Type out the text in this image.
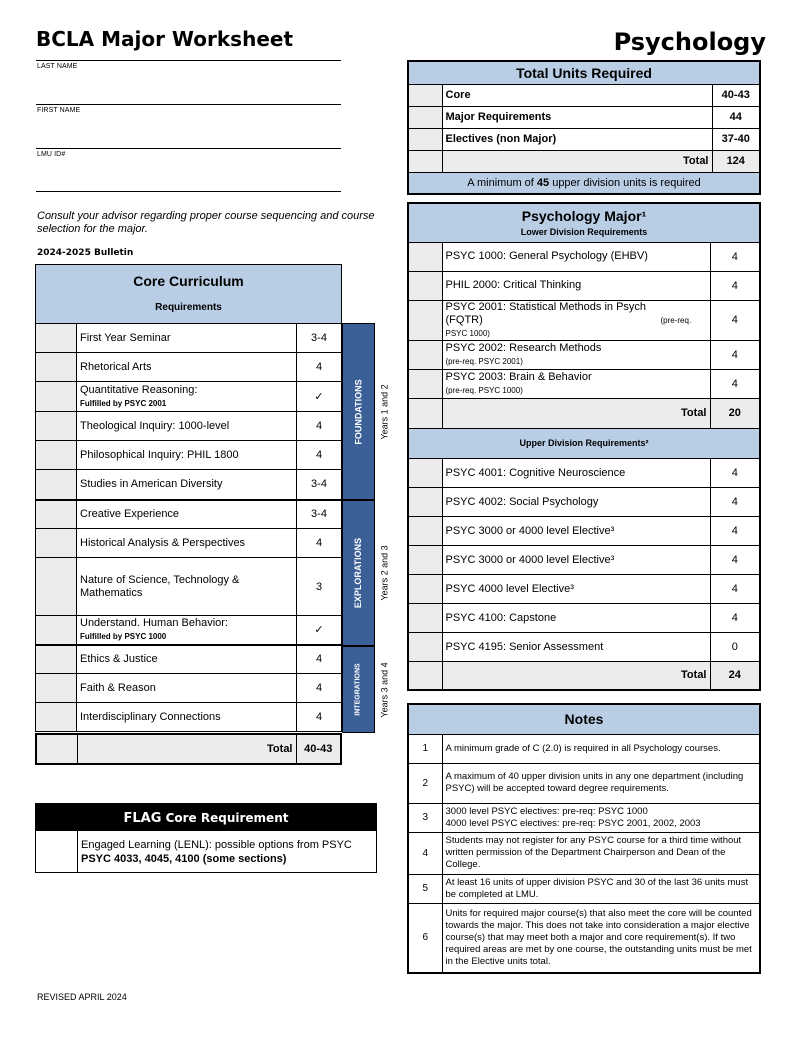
BCLA Major Worksheet	Psychology
LAST NAME
FIRST NAME
LMU ID#
Consult your advisor regarding proper course sequencing and course selection for the major.
2024-2025 Bulletin
Core Curriculum
Requirements

	First Year Seminar	3-4

	Rhetorical Arts	4

	Quantitative Reasoning:
Fulfilled by PSYC 2001	✓

	Theological Inquiry: 1000-level	4

	Philosophical Inquiry: PHIL 1800	4

	Studies in American Diversity	3-4

	Creative Experience	3-4

	Historical Analysis & Perspectives	4

	Nature of Science, Technology & Mathematics	3

	Understand. Human Behavior:
Fulfilled by PSYC 1000	✓

	Ethics & Justice	4

	Faith & Reason	4

	Interdisciplinary Connections	4
	Total	40-43
FOUNDATIONS
EXPLORATIONS
INTEGRATIONS
Years 1 and 2
Years 2 and 3
Years 3 and 4
FLAG Core Requirement
Engaged Learning (LENL): possible options from PSYC
PSYC 4033, 4045, 4100 (some sections)
Total Units Required		
	Core	40-43
	Major Requirements	44
	Electives (non Major)	37-40
	Total	124
A minimum of 45 upper division units is required		
Psychology Major¹
Lower Division Requirements		

	PSYC 1000: General Psychology (EHBV)	4
	PHIL 2000: Critical Thinking	4
	PSYC 2001: Statistical Methods in Psych (FQTR) (pre-req. PSYC 1000)	4
	PSYC 2002: Research Methods
(pre-req. PSYC 2001)	4
	PSYC 2003: Brain & Behavior
(pre-req. PSYC 1000)	4
	Total	20
Upper Division Requirements²		
	PSYC 4001: Cognitive Neuroscience	4
	PSYC 4002: Social Psychology	4
	PSYC 3000 or 4000 level Elective³	4
	PSYC 3000 or 4000 level Elective³	4
	PSYC 4000 level Elective³	4
	PSYC 4100: Capstone	4
	PSYC 4195: Senior Assessment	0
	Total	24
Notes	
1	A minimum grade of C (2.0) is required in all Psychology courses.

2	A maximum of 40 upper division units in any one department (including PSYC) will be accepted toward degree requirements.

3	3000 level PSYC electives: pre-req: PSYC 1000
4000 level PSYC electives: pre-req: PSYC 2001, 2002, 2003

4	Students may not register for any PSYC course for a third time without written permission of the Department Chairperson and Dean of the College.

5	At least 16 units of upper division PSYC and 30 of the last 36 units must be completed at LMU.

6	Units for required major course(s) that also meet the core will be counted towards the major. This does not take into consideration a major elective course(s) that may meet both a major and core requirement(s). If two required areas are met by one course, the outstanding units must be met in the Elective units total.
REVISED APRIL 2024
